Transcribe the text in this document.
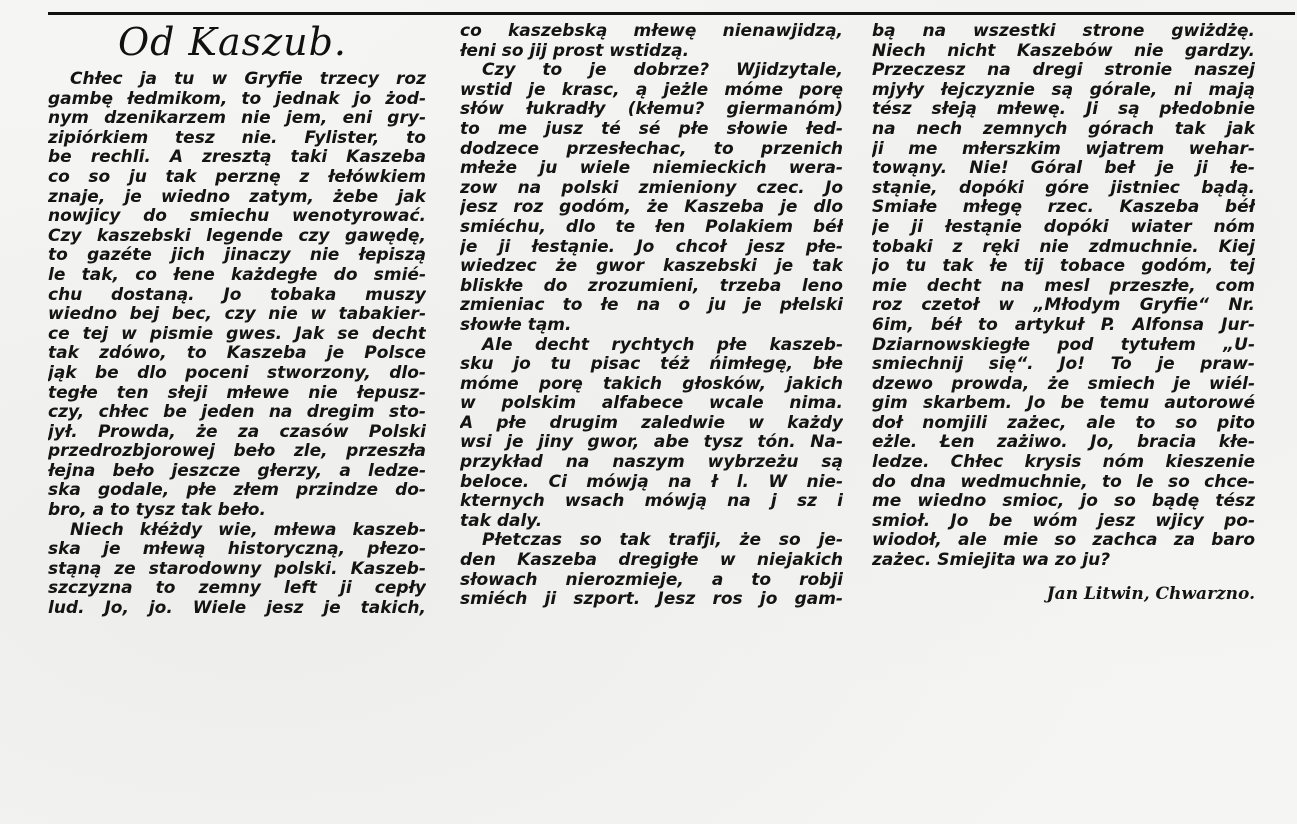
Od Kaszub.
Chłec ja tu w Gryfie trzecy roz
gambę łedmikom, to jednak jo żod-
nym dzenikarzem nie jem, eni gry-
zipiórkiem tesz nie. Fylister, to
be rechli. A zresztą taki Kaszeba
co so ju tak perznę z łełówkiem
znaje, je wiedno zatym, żebe jak
nowjicy do smiechu wenotyrować.
Czy kaszebski legende czy gawędę,
to gazéte jich jinaczy nie łepiszą
le tak, co łene każdegłe do smié-
chu dostaną. Jo tobaka muszy
wiedno bej bec, czy nie w tabakier-
ce tej w pismie gwes. Jak se decht
tak zdówo, to Kaszeba je Polsce
jąk be dlo poceni stworzony, dlo-
tegłe ten słeji młewe nie łepusz-
czy, chłec be jeden na dregim sto-
jył. Prowda, że za czasów Polski
przedrozbjorowej beło zle, przeszła
łejna beło jeszcze głerzy, a ledze-
ska godale, płe złem przindze do-
bro, a to tysz tak beło.
Niech kłéżdy wie, młewa kaszeb-
ska je młewą historyczną, płezo-
stąną ze starodowny polski. Kaszeb-
szczyzna to zemny left ji cepły
lud. Jo, jo. Wiele jesz je takich,
co kaszebską młewę nienawjidzą,
łeni so jij prost wstidzą.
Czy to je dobrze? Wjidzytale,
wstid je krasc, ą jeżle móme porę
słów łukradły (kłemu? giermanóm)
to me jusz té sé płe słowie łed-
dodzece przesłechac, to przenich
młeże ju wiele niemieckich wera-
zow na polski zmieniony czec. Jo
jesz roz godóm, że Kaszeba je dlo
smiéchu, dlo te łen Polakiem béł
je ji łestąnie. Jo chcoł jesz płe-
wiedzec że gwor kaszebski je tak
bliskłe do zrozumieni, trzeba leno
zmieniac to łe na o ju je płelski
słowłe tąm.
Ale decht rychtych płe kaszeb-
sku jo tu pisac téż ńimłegę, błe
móme porę takich głosków, jakich
w polskim alfabece wcale nima.
A płe drugim zaledwie w każdy
wsi je jiny gwor, abe tysz tón. Na-
przykład na naszym wybrzeżu są
beloce. Ci mówją na ł l. W nie-
kternych wsach mówją na j sz i
tak daly.
Płetczas so tak trafji, że so je-
den Kaszeba dregigłe w niejakich
słowach nierozmieje, a to robji
smiéch ji szport. Jesz ros jo gam-
bą na wszestki strone gwiżdżę.
Niech nicht Kaszebów nie gardzy.
Przeczesz na dregi stronie naszej
mjyły łejczyznie są górale, ni mają
tész słeją młewę. Ji są płedobnie
na nech zemnych górach tak jak
ji me młerszkim wjatrem wehar-
towąny. Nie! Góral beł je ji łe-
stąnie, dopóki góre jistniec bądą.
Smiałe młegę rzec. Kaszeba béł
je ji łestąnie dopóki wiater nóm
tobaki z ręki nie zdmuchnie. Kiej
jo tu tak łe tij tobace godóm, tej
mie decht na mesl przeszłe, com
roz czetoł w „Młodym Gryfie“ Nr.
6im, béł to artykuł P. Alfonsa Jur-
Dziarnowskiegłe pod tytułem „U-
smiechnij się“. Jo! To je praw-
dzewo prowda, że smiech je wiél-
gim skarbem. Jo be temu autorowé
doł nomjili zażec, ale to so pito
eżle. Łen zażiwo. Jo, bracia kłe-
ledze. Chłec krysis nóm kieszenie
do dna wedmuchnie, to le so chce-
me wiedno smioc, jo so bądę tész
smioł. Jo be wóm jesz wjicy po-
wiodoł, ale mie so zachca za baro
zażec. Smiejita wa zo ju?
Jan Litwin, Chwarzno.
